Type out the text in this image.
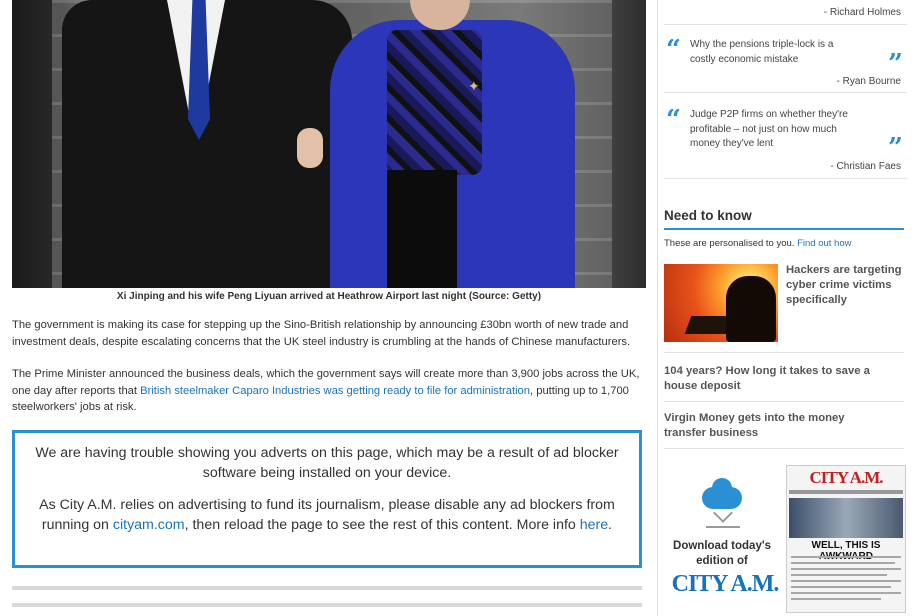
✦
Xi Jinping and his wife Peng Liyuan arrived at Heathrow Airport last night (Source: Getty)

The government is making its case for stepping up the Sino-British relationship by announcing £30bn worth of new trade and investment deals, despite escalating concerns that the UK steel industry is crumbling at the hands of Chinese manufacturers.

The Prime Minister announced the business deals, which the government says will create more than 3,900 jobs across the UK, one day after reports that British steelmaker Caparo Industries was getting ready to file for administration, putting up to 1,700 steelworkers' jobs at risk.

We are having trouble showing you adverts on this page, which may be a result of ad blocker software being installed on your device.

As City A.M. relies on advertising to fund its journalism, please disable any ad blockers from running on cityam.com, then reload the page to see the rest of this content. More info here.

- Richard Holmes
“ Why the pensions triple-lock is a costly economic mistake	”
- Ryan Bourne
“ Judge P2P firms on whether they're profitable – not just on how much money they've lent	”
- Christian Faes
Need to know
These are personalised to you. Find out how
Hackers are targeting cyber crime victims specifically
104 years? How long it takes to save a house deposit
Virgin Money gets into the money transfer business
Download today's edition of
CITY A.M.
CITY A.M.
WELL, THIS IS
